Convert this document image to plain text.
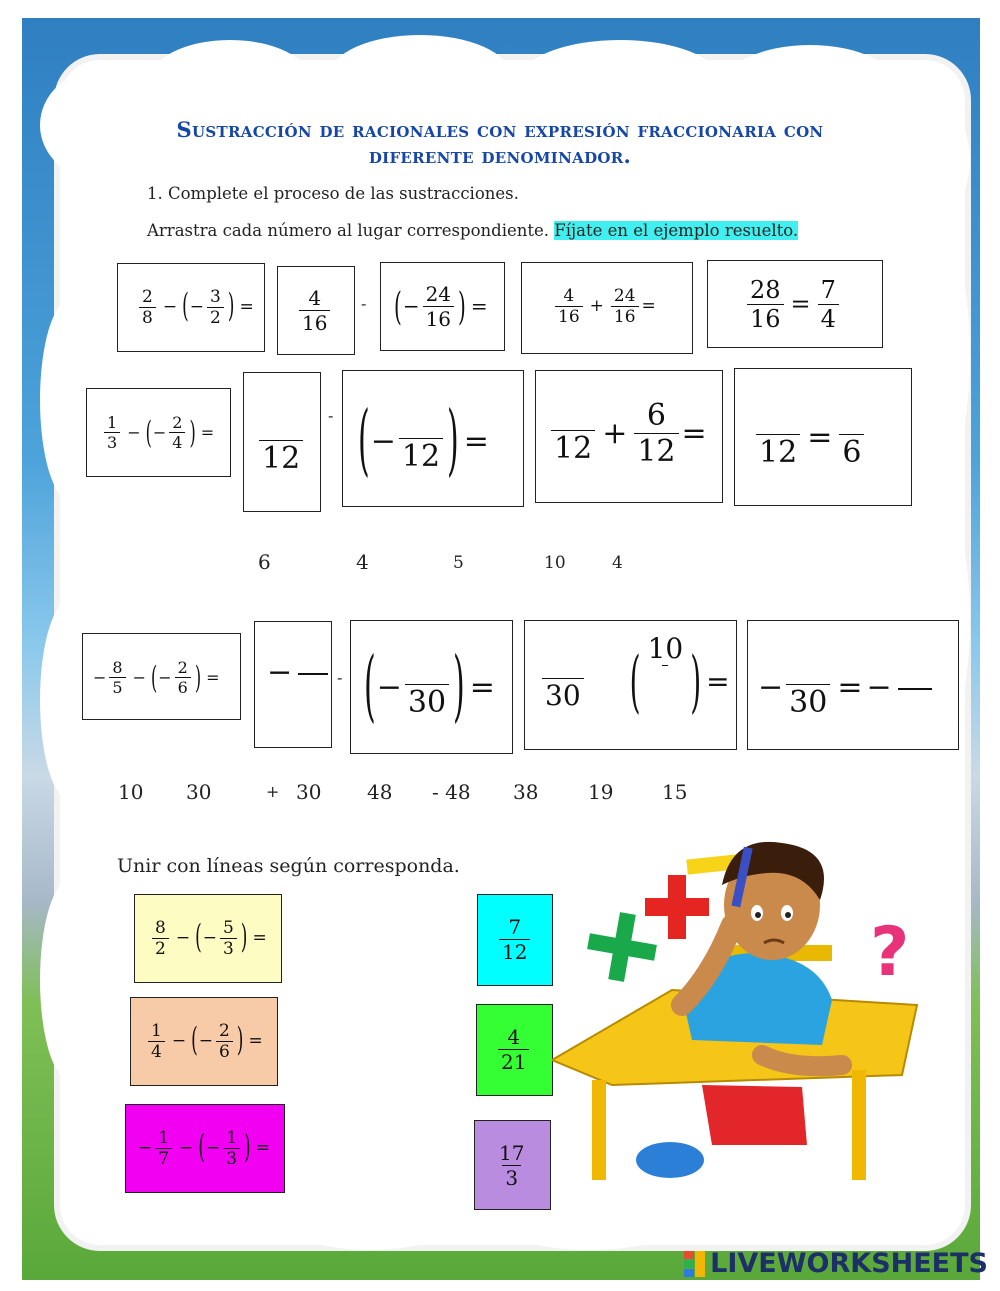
Sustracción de racionales con expresión fraccionaria con
diferente denominador.
1. Complete el proceso de las sustracciones.
Arrastra cada número al lugar correspondiente. Fíjate en el ejemplo resuelto.
$\frac{2}{8}$ − ( − $\frac{3}{2}$ ) = $\frac{4}{16}$ - ( − $\frac{24}{16}$ ) =	$\frac{4}{16} + \frac{24}{16}$ =	$\frac{28}{16} = \frac{7}{4}$
$\frac{1}{3}$ − ( − $\frac{2}{4}$ ) =
12
- ( − 12 ) = $12 + \frac{6}{12}$ =
12 = 6
6	4	5	10	4
− $\frac{8}{5}$ − ( − $\frac{2}{6}$ ) = −	- ( − 30 ) = 30 ( 10 ) = − 30 = −
10 30	+ 30 48 - 48 38 19 15
Unir con líneas según corresponda.
$\frac{8}{2}$ − ( − $\frac{5}{3}$ ) =
$\frac{1}{4}$ − ( − $\frac{2}{6}$ ) =
− $\frac{1}{7}$ − ( − $\frac{1}{3}$ ) =
$\frac{7}{12}$
$\frac{4}{21}$
$\frac{17}{3}$
?
LIVEWORKSHEETS
